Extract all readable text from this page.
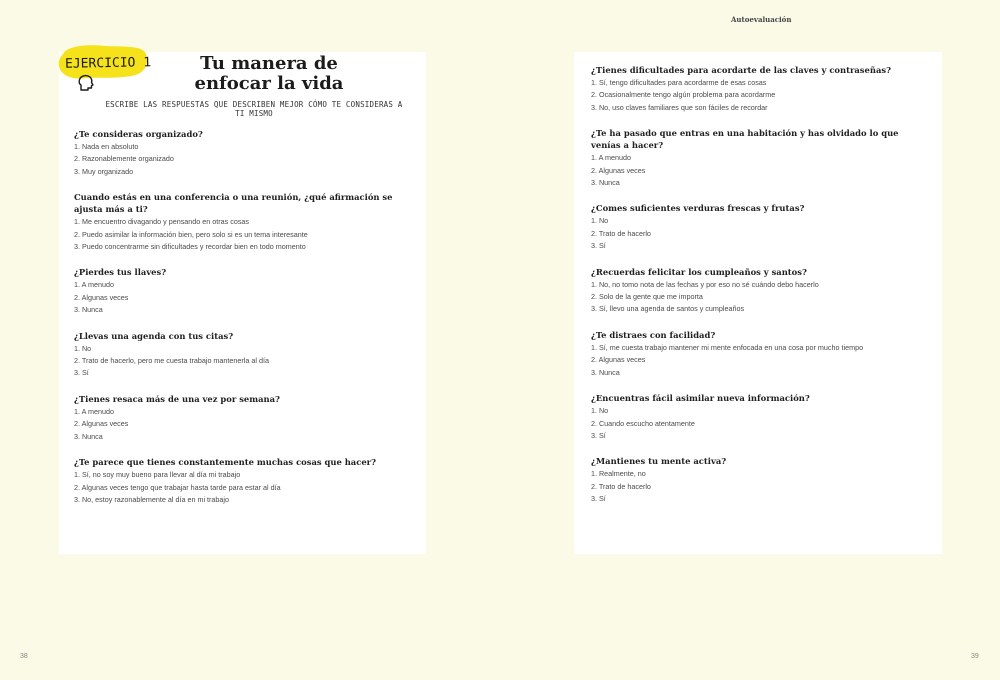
Autoevaluación
EJERCICIO 1	Tu manera de
enfocar la vida
ESCRIBE LAS RESPUESTAS QUE DESCRIBEN MEJOR CÓMO TE CONSIDERAS A TI MISMO
¿Te consideras organizado?
1. Nada en absoluto
2. Razonablemente organizado
3. Muy organizado
Cuando estás en una conferencia o una reunión, ¿qué afirmación se ajusta más a ti?
1. Me encuentro divagando y pensando en otras cosas
2. Puedo asimilar la información bien, pero solo si es un tema interesante
3. Puedo concentrarme sin dificultades y recordar bien en todo momento
¿Pierdes tus llaves?
1. A menudo
2. Algunas veces
3. Nunca
¿Llevas una agenda con tus citas?
1. No
2. Trato de hacerlo, pero me cuesta trabajo mantenerla al día
3. Sí
¿Tienes resaca más de una vez por semana?
1. A menudo
2. Algunas veces
3. Nunca
¿Te parece que tienes constantemente muchas cosas que hacer?
1. Sí, no soy muy bueno para llevar al día mi trabajo
2. Algunas veces tengo que trabajar hasta tarde para estar al día
3. No, estoy razonablemente al día en mi trabajo
¿Tienes dificultades para acordarte de las claves y contraseñas?
1. Sí, tengo dificultades para acordarme de esas cosas
2. Ocasionalmente tengo algún problema para acordarme
3. No, uso claves familiares que son fáciles de recordar
¿Te ha pasado que entras en una habitación y has olvidado lo que venías a hacer?
1. A menudo
2. Algunas veces
3. Nunca
¿Comes suficientes verduras frescas y frutas?
1. No
2. Trato de hacerlo
3. Sí
¿Recuerdas felicitar los cumpleaños y santos?
1. No, no tomo nota de las fechas y por eso no sé cuándo debo hacerlo
2. Solo de la gente que me importa
3. Sí, llevo una agenda de santos y cumpleaños
¿Te distraes con facilidad?
1. Sí, me cuesta trabajo mantener mi mente enfocada en una cosa por mucho tiempo
2. Algunas veces
3. Nunca
¿Encuentras fácil asimilar nueva información?
1. No
2. Cuando escucho atentamente
3. Sí
¿Mantienes tu mente activa?
1. Realmente, no
2. Trato de hacerlo
3. Sí
38	39
